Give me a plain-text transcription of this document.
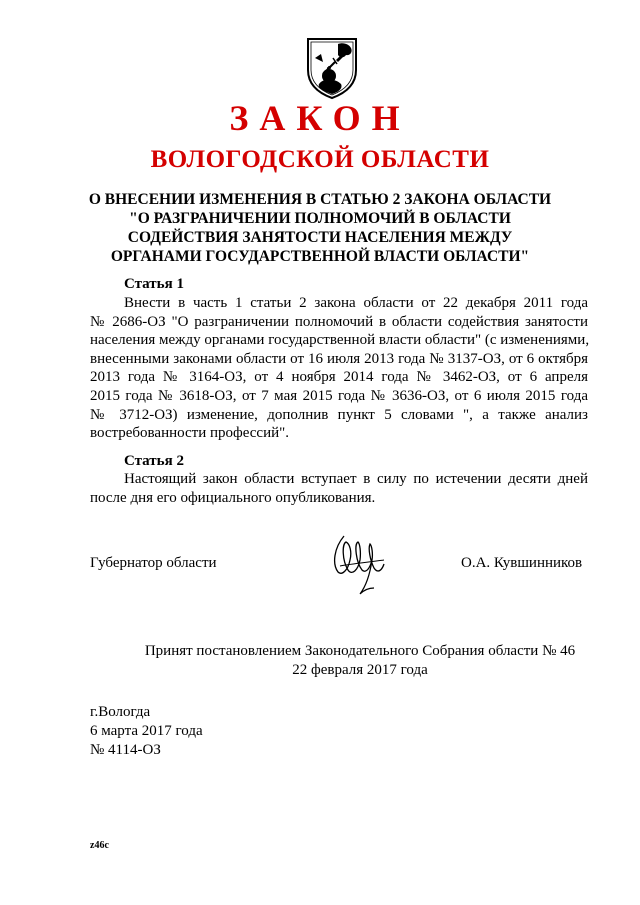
ЗАКОН
ВОЛОГОДСКОЙ ОБЛАСТИ
О ВНЕСЕНИИ ИЗМЕНЕНИЯ В СТАТЬЮ 2 ЗАКОНА ОБЛАСТИ
"О РАЗГРАНИЧЕНИИ ПОЛНОМОЧИЙ В ОБЛАСТИ
СОДЕЙСТВИЯ ЗАНЯТОСТИ НАСЕЛЕНИЯ МЕЖДУ
ОРГАНАМИ ГОСУДАРСТВЕННОЙ ВЛАСТИ ОБЛАСТИ"
Статья 1
Внести в часть 1 статьи 2 закона области от 22 декабря 2011 года
№ 2686-ОЗ "О разграничении полномочий в области содействия занятости
населения между органами государственной власти области" (с изменениями,
внесенными законами области от 16 июля 2013 года № 3137-ОЗ, от 6 октября
2013 года № 3164-ОЗ, от 4 ноября 2014 года № 3462-ОЗ, от 6 апреля
2015 года № 3618-ОЗ, от 7 мая 2015 года № 3636-ОЗ, от 6 июля 2015 года
№ 3712-ОЗ) изменение, дополнив пункт 5 словами ", а также анализ
востребованности профессий".
Статья 2
Настоящий закон области вступает в силу по истечении десяти дней
после дня его официального опубликования.
Губернатор области	О.А. Кувшинников
Принят постановлением Законодательного Собрания области № 46
22 февраля 2017 года
г.Вологда
6 марта 2017 года
№ 4114-ОЗ
z46c
